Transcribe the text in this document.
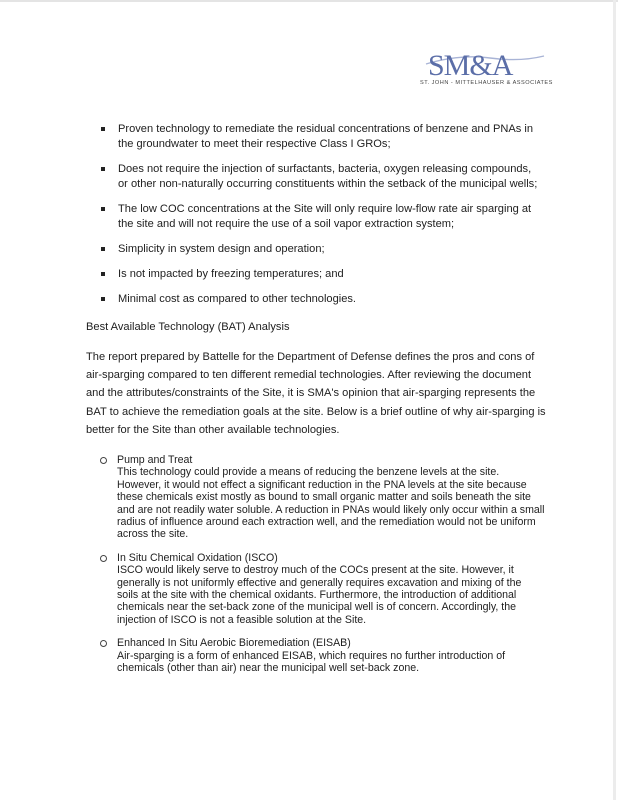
SM&A
ST. JOHN - MITTELHAUSER & ASSOCIATES
Proven technology to remediate the residual concentrations of benzene and PNAs in the groundwater to meet their respective Class I GROs;
Does not require the injection of surfactants, bacteria, oxygen releasing compounds, or other non-naturally occurring constituents within the setback of the municipal wells;
The low COC concentrations at the Site will only require low-flow rate air sparging at the site and will not require the use of a soil vapor extraction system;
Simplicity in system design and operation;
Is not impacted by freezing temperatures; and
Minimal cost as compared to other technologies.
Best Available Technology (BAT) Analysis
The report prepared by Battelle for the Department of Defense defines the pros and cons of air-sparging compared to ten different remedial technologies. After reviewing the document and the attributes/constraints of the Site, it is SMA's opinion that air-sparging represents the BAT to achieve the remediation goals at the site. Below is a brief outline of why air-sparging is better for the Site than other available technologies.
Pump and Treat
This technology could provide a means of reducing the benzene levels at the site. However, it would not effect a significant reduction in the PNA levels at the site because these chemicals exist mostly as bound to small organic matter and soils beneath the site and are not readily water soluble. A reduction in PNAs would likely only occur within a small radius of influence around each extraction well, and the remediation would not be uniform across the site.
In Situ Chemical Oxidation (ISCO)
ISCO would likely serve to destroy much of the COCs present at the site. However, it generally is not uniformly effective and generally requires excavation and mixing of the soils at the site with the chemical oxidants. Furthermore, the introduction of additional chemicals near the set-back zone of the municipal well is of concern. Accordingly, the injection of ISCO is not a feasible solution at the Site.
Enhanced In Situ Aerobic Bioremediation (EISAB)
Air-sparging is a form of enhanced EISAB, which requires no further introduction of chemicals (other than air) near the municipal well set-back zone.
